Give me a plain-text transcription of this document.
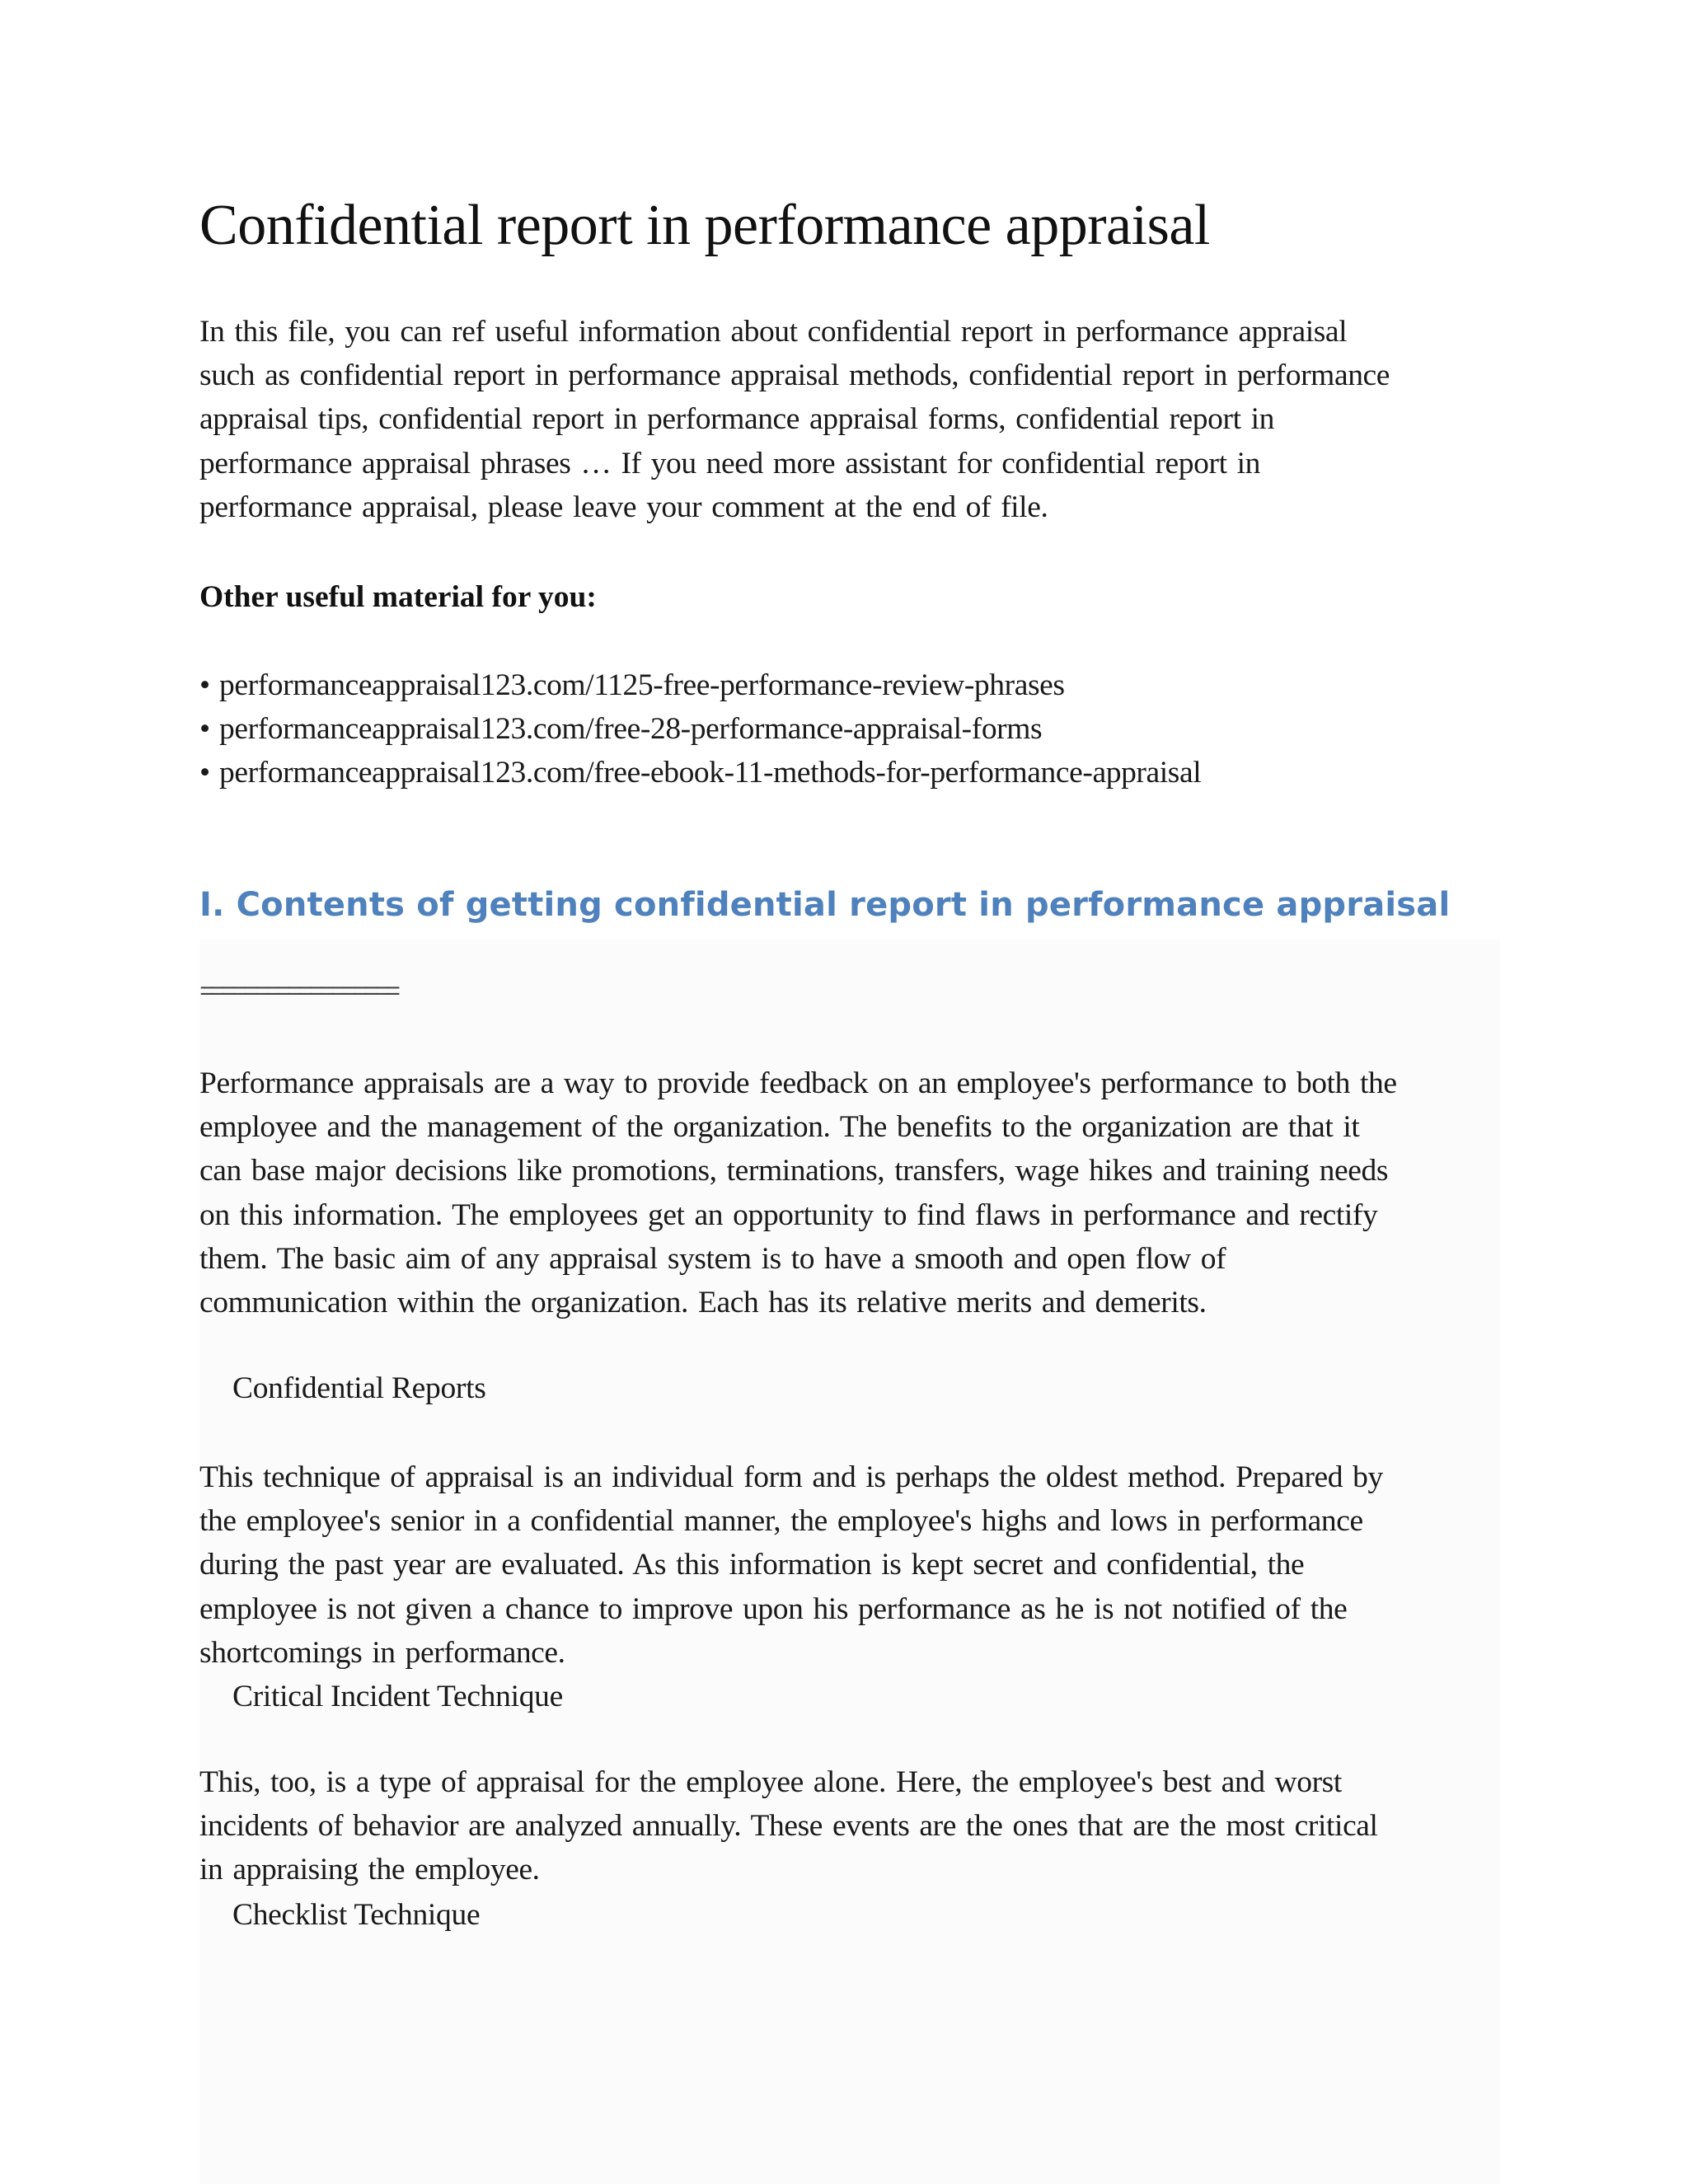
Confidential report in performance appraisal

In this file, you can ref useful information about confidential report in performance appraisal
such as confidential report in performance appraisal methods, confidential report in performance
appraisal tips, confidential report in performance appraisal forms, confidential report in
performance appraisal phrases … If you need more assistant for confidential report in
performance appraisal, please leave your comment at the end of file.

Other useful material for you:

• performanceappraisal123.com/1125-free-performance-review-phrases
• performanceappraisal123.com/free-28-performance-appraisal-forms
• performanceappraisal123.com/free-ebook-11-methods-for-performance-appraisal
I. Contents of getting confidential report in performance appraisal
==================

Performance appraisals are a way to provide feedback on an employee's performance to both the
employee and the management of the organization. The benefits to the organization are that it
can base major decisions like promotions, terminations, transfers, wage hikes and training needs
on this information. The employees get an opportunity to find flaws in performance and rectify
them. The basic aim of any appraisal system is to have a smooth and open flow of
communication within the organization. Each has its relative merits and demerits.

Confidential Reports

This technique of appraisal is an individual form and is perhaps the oldest method. Prepared by
the employee's senior in a confidential manner, the employee's highs and lows in performance
during the past year are evaluated. As this information is kept secret and confidential, the
employee is not given a chance to improve upon his performance as he is not notified of the
shortcomings in performance.

Critical Incident Technique

This, too, is a type of appraisal for the employee alone. Here, the employee's best and worst
incidents of behavior are analyzed annually. These events are the ones that are the most critical
in appraising the employee.

Checklist Technique
